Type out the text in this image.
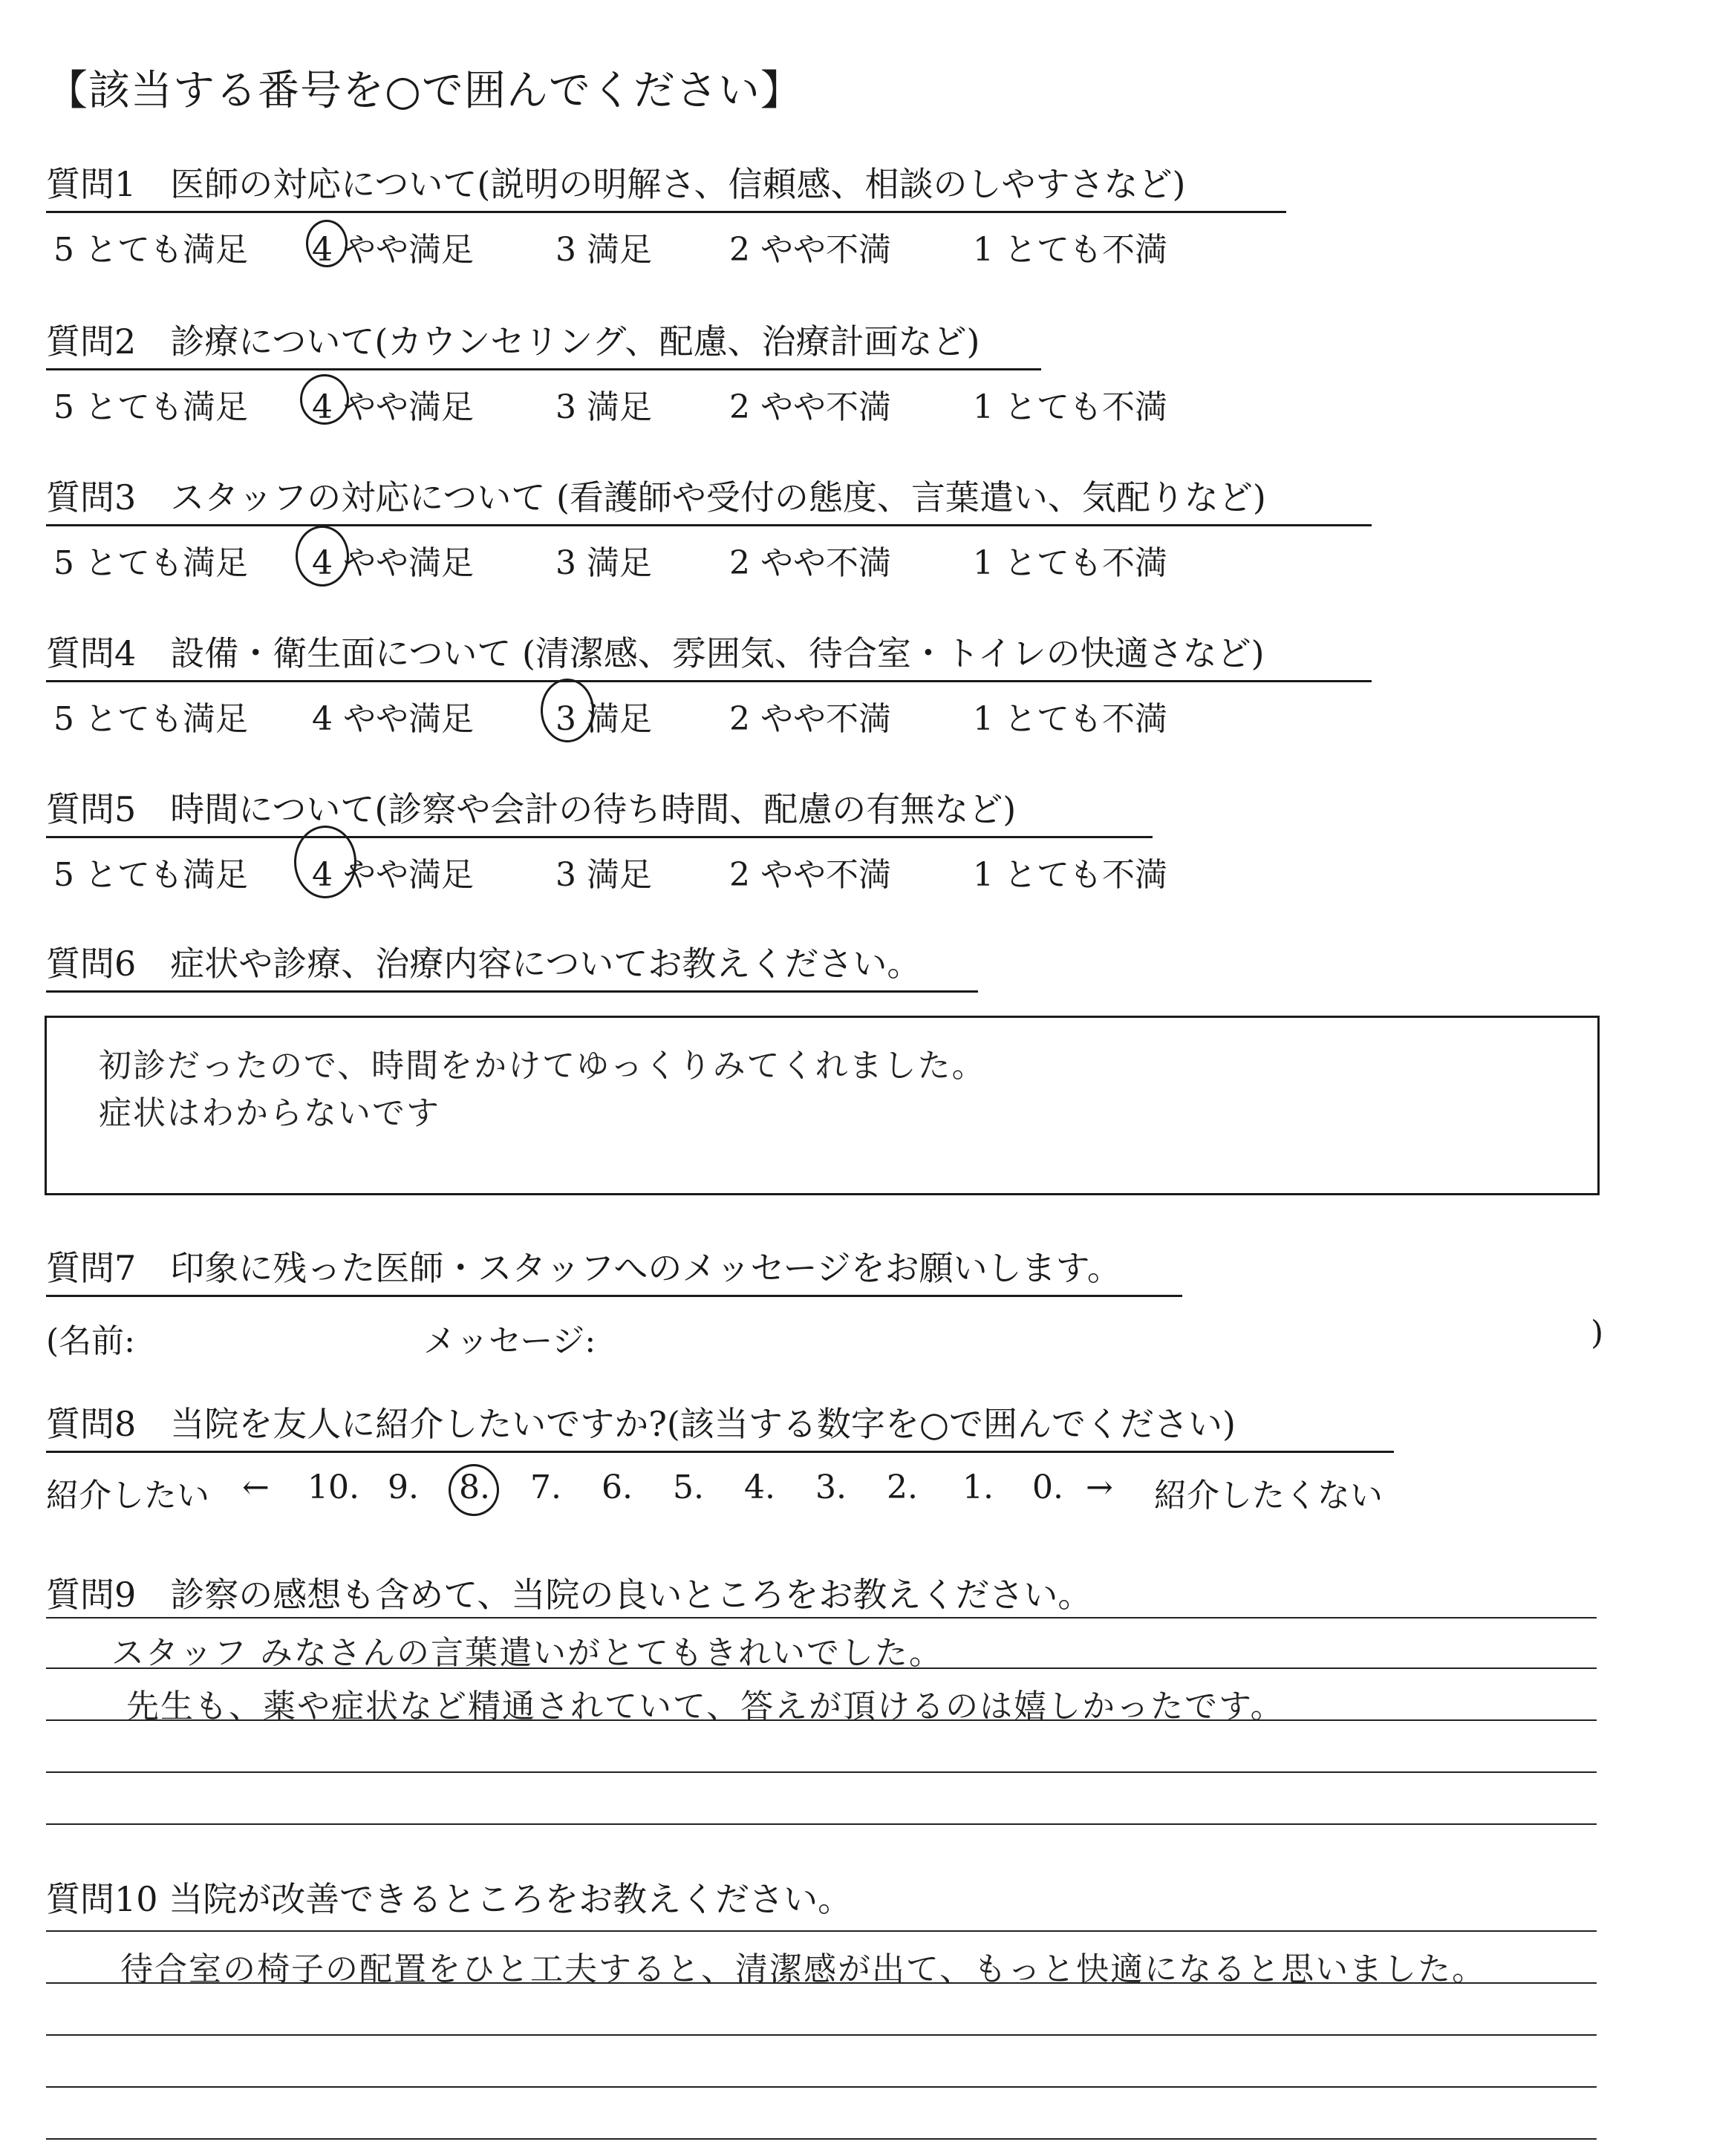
【該当する番号を○で囲んでください】
質問1　医師の対応について(説明の明解さ、信頼感、相談のしやすさなど)
5 とても満足 4 やや満足	3 満足 2 やや不満	1 とても不満
質問2　診療について(カウンセリング、配慮、治療計画など)
5 とても満足 4 やや満足	3 満足 2 やや不満	1 とても不満
質問3　スタッフの対応について (看護師や受付の態度、言葉遣い、気配りなど)
5 とても満足 4 やや満足	3 満足 2 やや不満	1 とても不満
質問4　設備・衛生面について (清潔感、雰囲気、待合室・トイレの快適さなど)
5 とても満足 4 やや満足	3 満足 2 やや不満	1 とても不満
質問5　時間について(診察や会計の待ち時間、配慮の有無など)
5 とても満足 4 やや満足	3 満足 2 やや不満	1 とても不満
質問6　症状や診療、治療内容についてお教えください。
初診だったので、時間をかけてゆっくりみてくれました。
症状はわからないです
質問7　印象に残った医師・スタッフへのメッセージをお願いします。
(名前:	メッセージ:	)
質問8　当院を友人に紹介したいですか?(該当する数字を○で囲んでください)
紹介したい ← 10. 9. 8. 7. 6. 5. 4. 3. 2. 1. 0. → 紹介したくない
質問9　診察の感想も含めて、当院の良いところをお教えください。
スタッフ みなさんの言葉遣いがとてもきれいでした。
先生も、薬や症状など精通されていて、答えが頂けるのは嬉しかったです。
質問10 当院が改善できるところをお教えください。
待合室の椅子の配置をひと工夫すると、清潔感が出て、もっと快適になると思いました。
